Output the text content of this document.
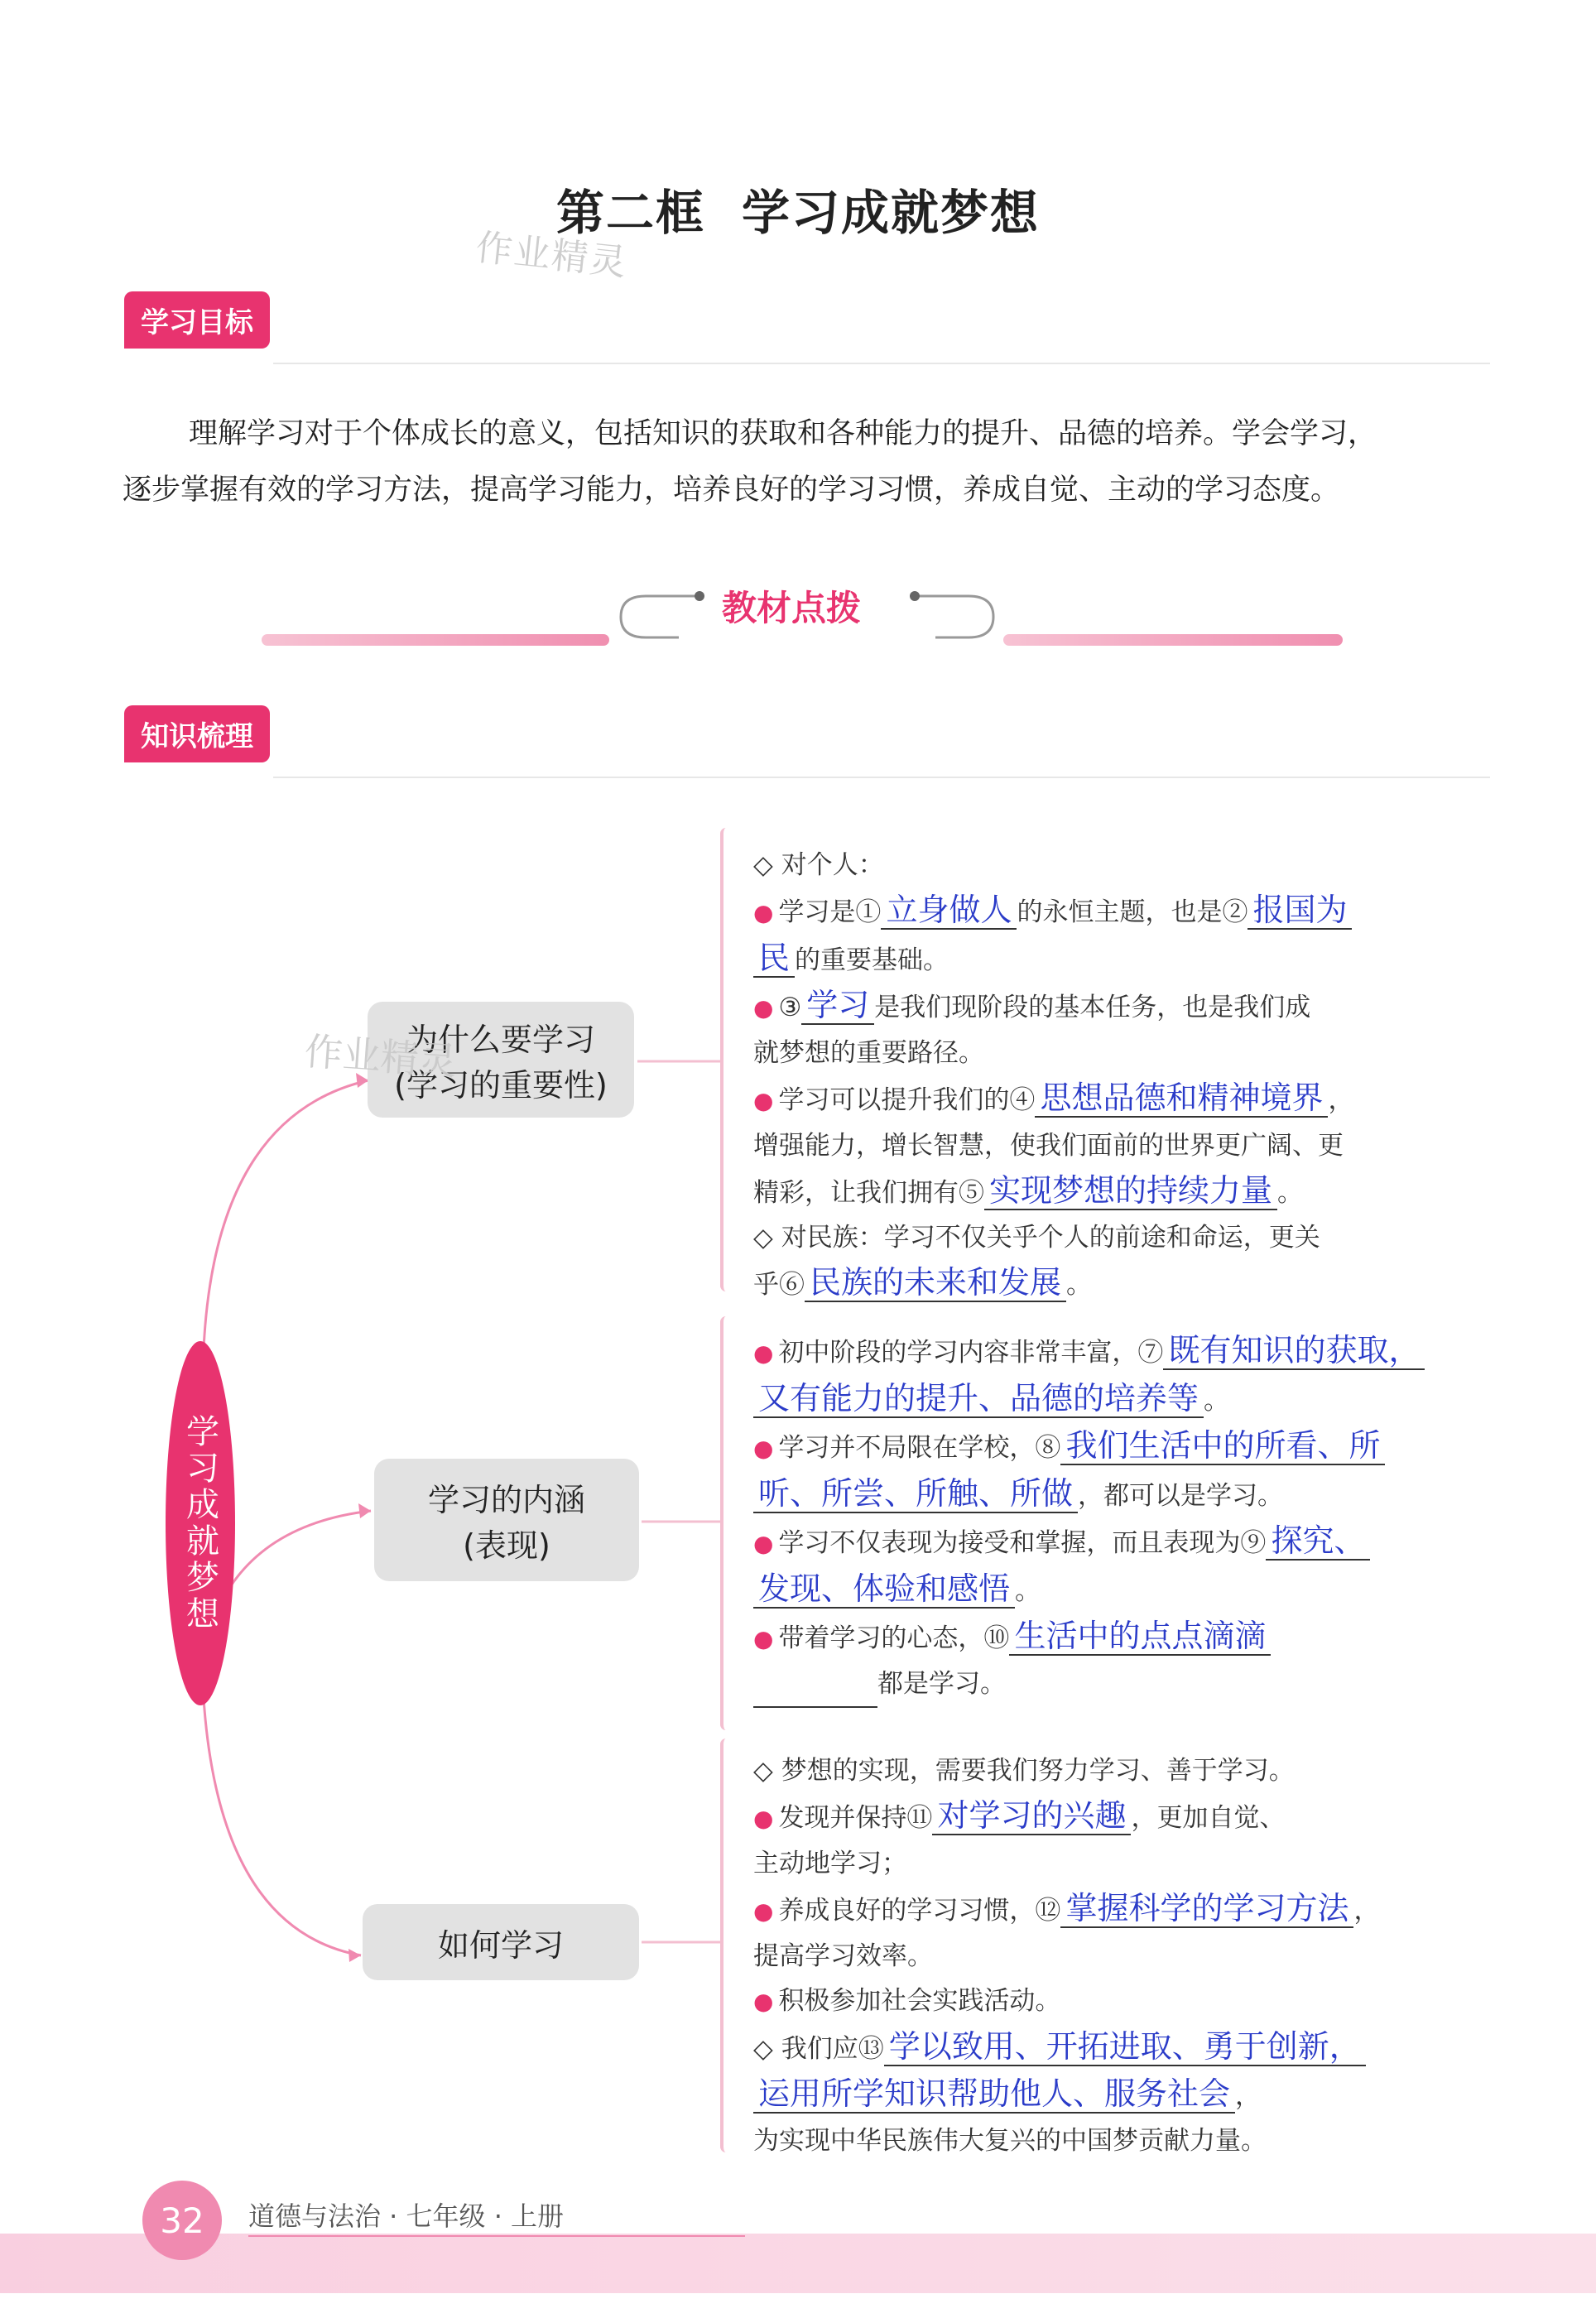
第二框 学习成就梦想
作业精灵
学习目标
理解学习对于个体成长的意义，包括知识的获取和各种能力的提升、品德的培养。学会学习，
逐步掌握有效的学习方法，提高学习能力，培养良好的学习习惯，养成自觉、主动的学习态度。
教材点拨
知识梳理
学习成就梦想
为什么要学习
(学习的重要性)
作业精灵
学习的内涵
(表现)
如何学习

◇ 对个人：

● 学习是① 立身做人 的永恒主题，也是② 报国为

民 的重要基础。

● ③ 学习 是我们现阶段的基本任务，也是我们成

就梦想的重要路径。

● 学习可以提升我们的④ 思想品德和精神境界 ，

增强能力，增长智慧，使我们面前的世界更广阔、更

精彩，让我们拥有⑤ 实现梦想的持续力量 。

◇ 对民族：学习不仅关乎个人的前途和命运，更关

乎⑥ 民族的未来和发展 。

● 初中阶段的学习内容非常丰富，⑦ 既有知识的获取，

又有能力的提升、品德的培养等 。

● 学习并不局限在学校，⑧ 我们生活中的所看、所

听、所尝、所触、所做 ，都可以是学习。

● 学习不仅表现为接受和掌握，而且表现为⑨ 探究、

发现、体验和感悟 。

● 带着学习的心态，⑩ 生活中的点点滴滴

都是学习。

◇ 梦想的实现，需要我们努力学习、善于学习。

● 发现并保持⑪ 对学习的兴趣 ，更加自觉、

主动地学习；

● 养成良好的学习习惯，⑫ 掌握科学的学习方法 ，

提高学习效率。

● 积极参加社会实践活动。

◇ 我们应⑬ 学以致用、开拓进取、勇于创新，

运用所学知识帮助他人、服务社会 ，

为实现中华民族伟大复兴的中国梦贡献力量。

32	道德与法治 · 七年级 · 上册
